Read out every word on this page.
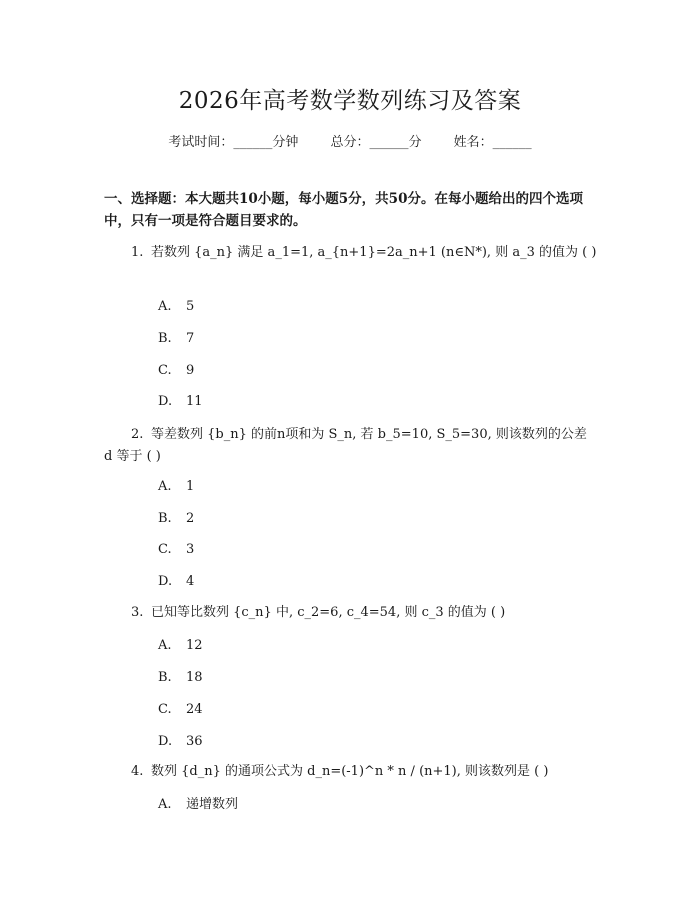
2026年高考数学数列练习及答案
考试时间：______分钟 总分：______分 姓名：______
一、选择题：本大题共10小题，每小题5分，共50分。在每小题给出的四个选项中，只有一项是符合题目要求的。
1. 若数列 {a_n} 满足 a_1=1, a_{n+1}=2a_n+1 (n∈N*), 则 a_3 的值为 ( )
A. 5
B. 7
C. 9
D. 11
2. 等差数列 {b_n} 的前n项和为 S_n, 若 b_5=10, S_5=30, 则该数列的公差 d 等于 ( )
A. 1
B. 2
C. 3
D. 4
3. 已知等比数列 {c_n} 中, c_2=6, c_4=54, 则 c_3 的值为 ( )
A. 12
B. 18
C. 24
D. 36
4. 数列 {d_n} 的通项公式为 d_n=(-1)^n * n / (n+1), 则该数列是 ( )
A. 递增数列
